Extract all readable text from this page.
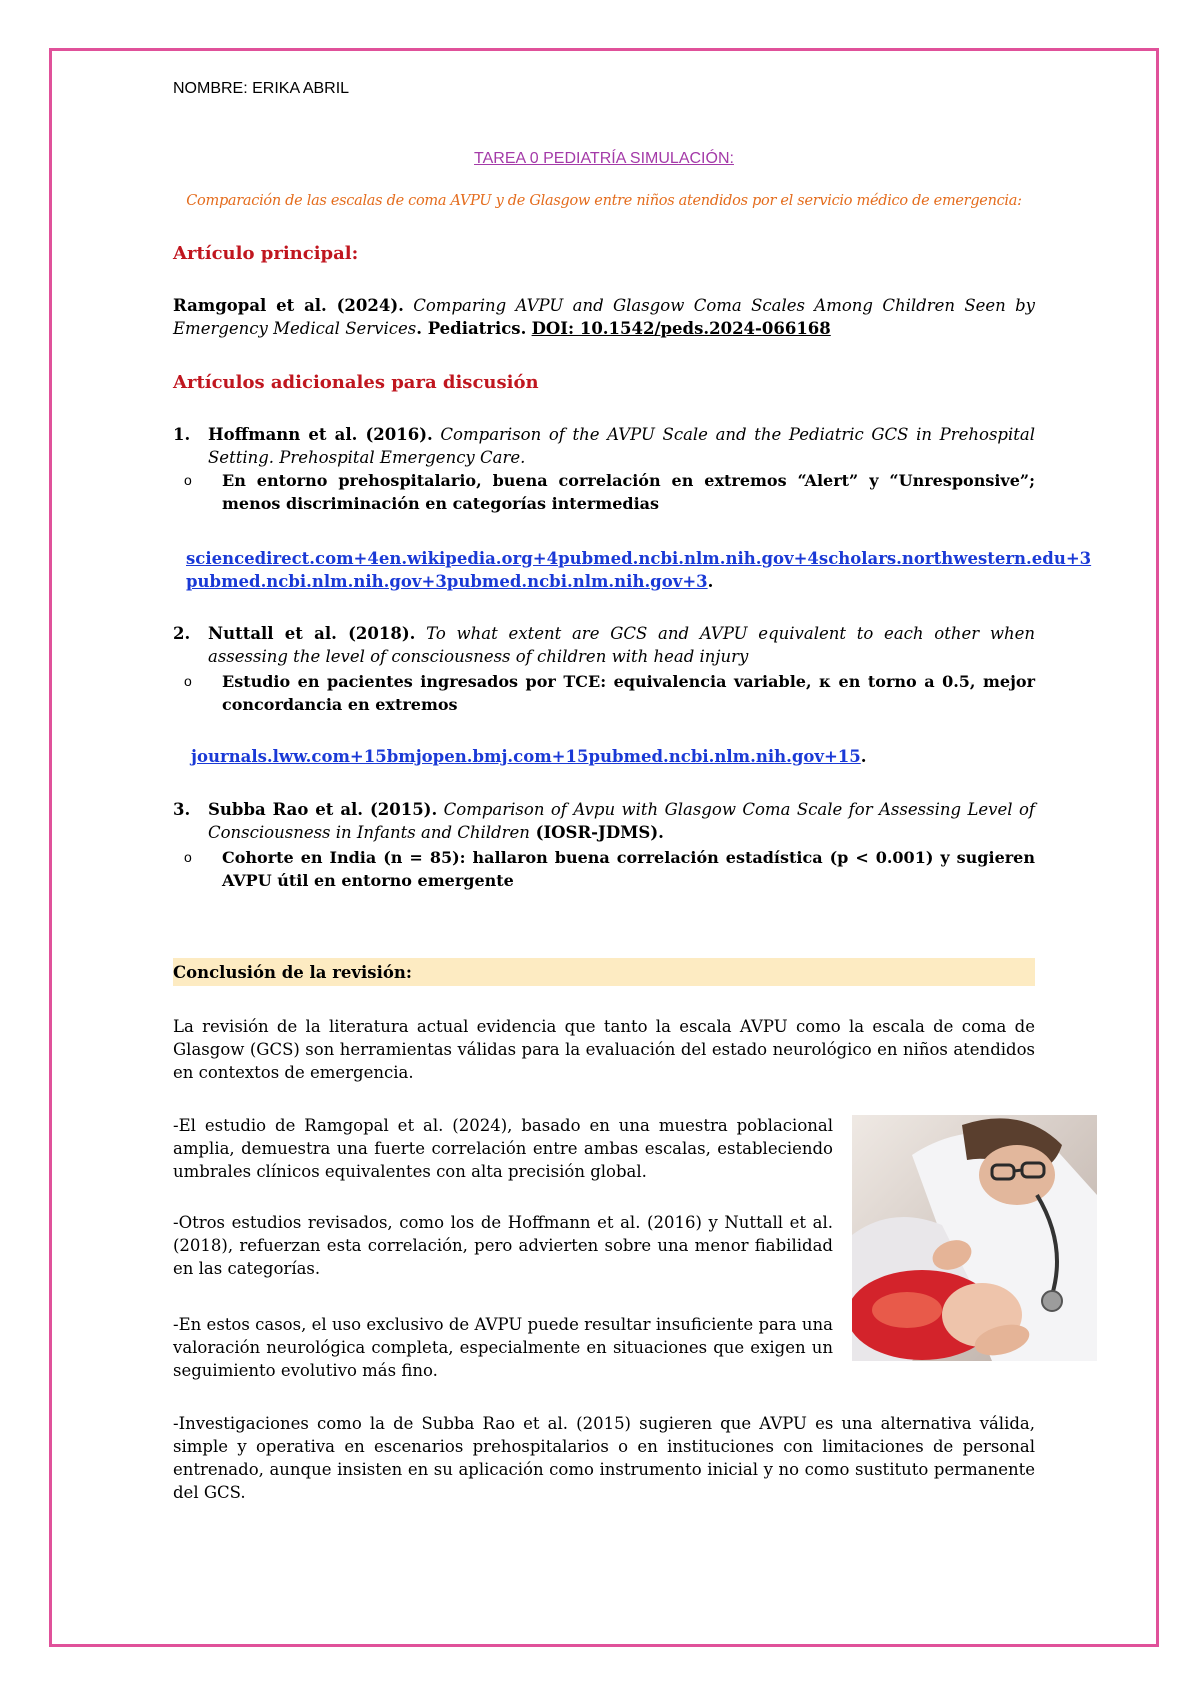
NOMBRE: ERIKA ABRIL
TAREA 0 PEDIATRÍA SIMULACIÓN:
Comparación de las escalas de coma AVPU y de Glasgow entre niños atendidos por el servicio médico de emergencia:
Artículo principal:
Ramgopal et al. (2024). Comparing AVPU and Glasgow Coma Scales Among Children Seen by Emergency Medical Services. Pediatrics. DOI: 10.1542/peds.2024-066168
Artículos adicionales para discusión
1. Hoffmann et al. (2016). Comparison of the AVPU Scale and the Pediatric GCS in Prehospital Setting. Prehospital Emergency Care.
o En entorno prehospitalario, buena correlación en extremos “Alert” y “Unresponsive”; menos discriminación en categorías intermedias
sciencedirect.com+4en.wikipedia.org+4pubmed.ncbi.nlm.nih.gov+4scholars.northwestern.edu+3
pubmed.ncbi.nlm.nih.gov+3pubmed.ncbi.nlm.nih.gov+3.
2. Nuttall et al. (2018). To what extent are GCS and AVPU equivalent to each other when assessing the level of consciousness of children with head injury
o Estudio en pacientes ingresados por TCE: equivalencia variable, κ en torno a 0.5, mejor concordancia en extremos
journals.lww.com+15bmjopen.bmj.com+15pubmed.ncbi.nlm.nih.gov+15.
3. Subba Rao et al. (2015). Comparison of Avpu with Glasgow Coma Scale for Assessing Level of Consciousness in Infants and Children (IOSR-JDMS).
o Cohorte en India (n = 85): hallaron buena correlación estadística (p < 0.001) y sugieren AVPU útil en entorno emergente
Conclusión de la revisión:
La revisión de la literatura actual evidencia que tanto la escala AVPU como la escala de coma de Glasgow (GCS) son herramientas válidas para la evaluación del estado neurológico en niños atendidos en contextos de emergencia.
-El estudio de Ramgopal et al. (2024), basado en una muestra poblacional amplia, demuestra una fuerte correlación entre ambas escalas, estableciendo umbrales clínicos equivalentes con alta precisión global.
-Otros estudios revisados, como los de Hoffmann et al. (2016) y Nuttall et al. (2018), refuerzan esta correlación, pero advierten sobre una menor fiabilidad en las categorías.
-En estos casos, el uso exclusivo de AVPU puede resultar insuficiente para una valoración neurológica completa, especialmente en situaciones que exigen un seguimiento evolutivo más fino.
-Investigaciones como la de Subba Rao et al. (2015) sugieren que AVPU es una alternativa válida, simple y operativa en escenarios prehospitalarios o en instituciones con limitaciones de personal entrenado, aunque insisten en su aplicación como instrumento inicial y no como sustituto permanente del GCS.
